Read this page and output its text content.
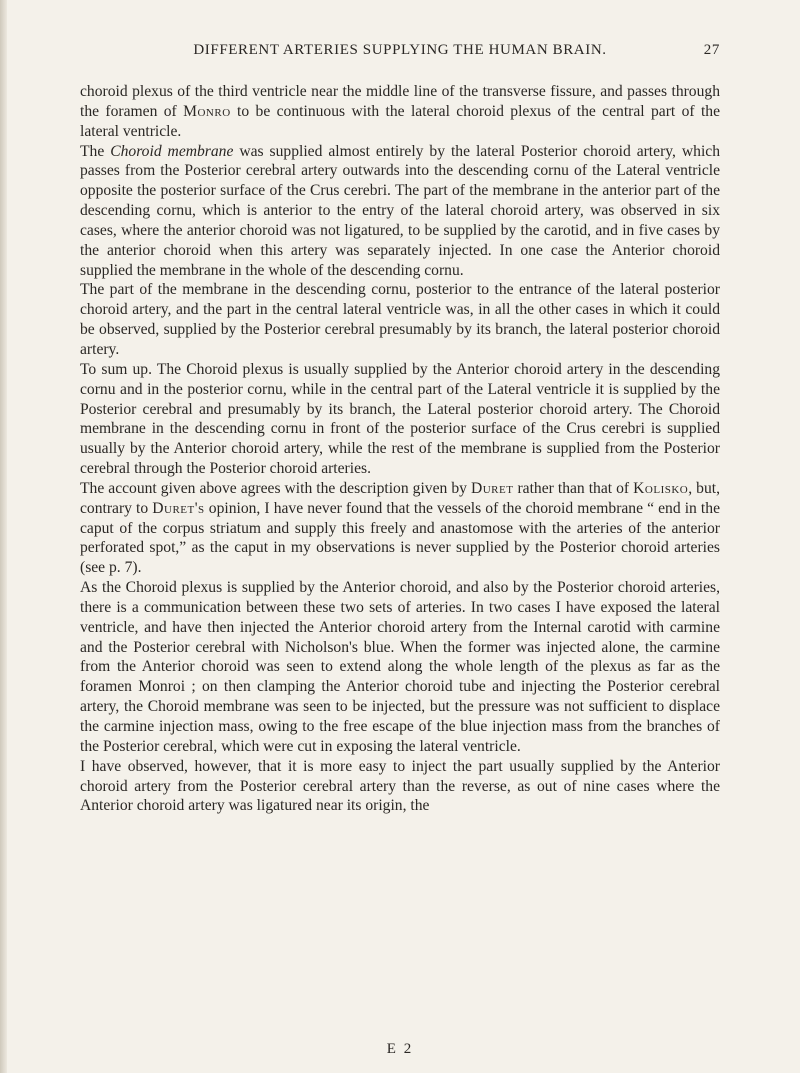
DIFFERENT ARTERIES SUPPLYING THE HUMAN BRAIN.	27

choroid plexus of the third ventricle near the middle line of the transverse fissure, and passes through the foramen of Monro to be continuous with the lateral choroid plexus of the central part of the lateral ventricle.

The Choroid membrane was supplied almost entirely by the lateral Posterior choroid artery, which passes from the Posterior cerebral artery outwards into the descending cornu of the Lateral ventricle opposite the posterior surface of the Crus cerebri. The part of the membrane in the anterior part of the descending cornu, which is anterior to the entry of the lateral choroid artery, was observed in six cases, where the anterior choroid was not ligatured, to be supplied by the carotid, and in five cases by the anterior choroid when this artery was separately injected. In one case the Anterior choroid supplied the membrane in the whole of the descending cornu.

The part of the membrane in the descending cornu, posterior to the entrance of the lateral posterior choroid artery, and the part in the central lateral ventricle was, in all the other cases in which it could be observed, supplied by the Posterior cerebral presumably by its branch, the lateral posterior choroid artery.

To sum up. The Choroid plexus is usually supplied by the Anterior choroid artery in the descending cornu and in the posterior cornu, while in the central part of the Lateral ventricle it is supplied by the Posterior cerebral and presumably by its branch, the Lateral posterior choroid artery. The Choroid membrane in the descending cornu in front of the posterior surface of the Crus cerebri is supplied usually by the Anterior choroid artery, while the rest of the membrane is supplied from the Posterior cerebral through the Posterior choroid arteries.

The account given above agrees with the description given by Duret rather than that of Kolisko, but, contrary to Duret's opinion, I have never found that the vessels of the choroid membrane “ end in the caput of the corpus striatum and supply this freely and anastomose with the arteries of the anterior perforated spot,” as the caput in my observations is never supplied by the Posterior choroid arteries (see p. 7).

As the Choroid plexus is supplied by the Anterior choroid, and also by the Posterior choroid arteries, there is a communication between these two sets of arteries. In two cases I have exposed the lateral ventricle, and have then injected the Anterior choroid artery from the Internal carotid with carmine and the Posterior cerebral with Nicholson's blue. When the former was injected alone, the carmine from the Anterior choroid was seen to extend along the whole length of the plexus as far as the foramen Monroi ; on then clamping the Anterior choroid tube and injecting the Posterior cerebral artery, the Choroid membrane was seen to be injected, but the pressure was not sufficient to displace the carmine injection mass, owing to the free escape of the blue injection mass from the branches of the Posterior cerebral, which were cut in exposing the lateral ventricle.

I have observed, however, that it is more easy to inject the part usually supplied by the Anterior choroid artery from the Posterior cerebral artery than the reverse, as out of nine cases where the Anterior choroid artery was ligatured near its origin, the

E 2
